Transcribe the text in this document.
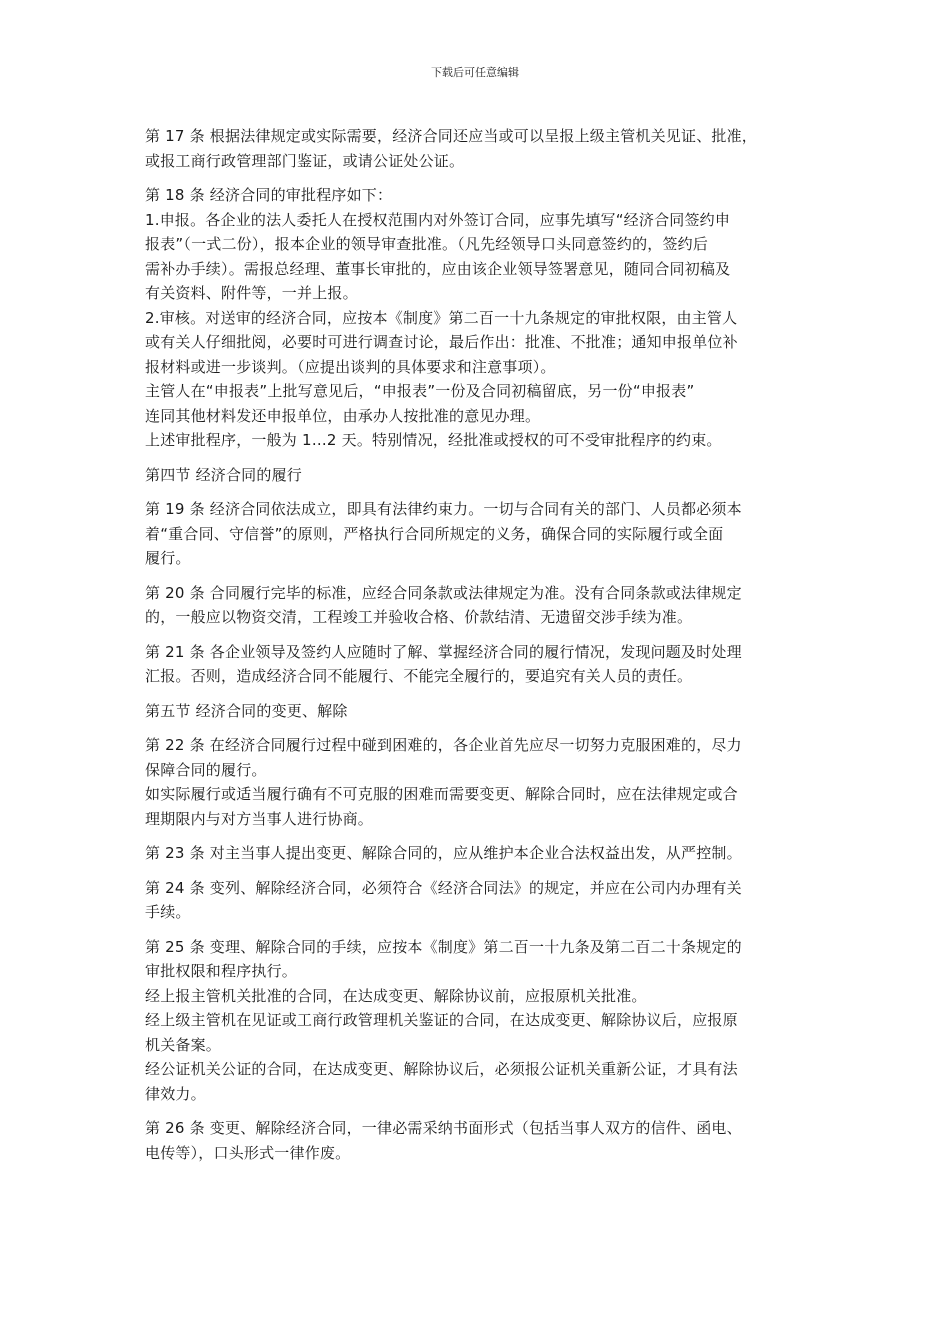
下载后可任意编辑
第 17 条 根据法律规定或实际需要，经济合同还应当或可以呈报上级主管机关见证、批准，
或报工商行政管理部门鉴证，或请公证处公证。
第 18 条 经济合同的审批程序如下：
1.申报。各企业的法人委托人在授权范围内对外签订合同，应事先填写“经济合同签约申
报表”（一式二份），报本企业的领导审查批准。（凡先经领导口头同意签约的，签约后
需补办手续）。需报总经理、董事长审批的，应由该企业领导签署意见，随同合同初稿及
有关资料、附件等，一并上报。
2.审核。对送审的经济合同，应按本《制度》第二百一十九条规定的审批权限，由主管人
或有关人仔细批阅，必要时可进行调查讨论，最后作出：批准、不批准；通知申报单位补
报材料或进一步谈判。（应提出谈判的具体要求和注意事项）。
主管人在“申报表”上批写意见后，“申报表”一份及合同初稿留底，另一份“申报表”
连同其他材料发还申报单位，由承办人按批准的意见办理。
上述审批程序，一般为 1…2 天。特别情况，经批准或授权的可不受审批程序的约束。
第四节 经济合同的履行
第 19 条 经济合同依法成立，即具有法律约束力。一切与合同有关的部门、人员都必须本
着“重合同、守信誉”的原则，严格执行合同所规定的义务，确保合同的实际履行或全面
履行。
第 20 条 合同履行完毕的标准，应经合同条款或法律规定为准。没有合同条款或法律规定
的，一般应以物资交清，工程竣工并验收合格、价款结清、无遗留交涉手续为准。
第 21 条 各企业领导及签约人应随时了解、掌握经济合同的履行情况，发现问题及时处理
汇报。否则，造成经济合同不能履行、不能完全履行的，要追究有关人员的责任。
第五节 经济合同的变更、解除
第 22 条 在经济合同履行过程中碰到困难的，各企业首先应尽一切努力克服困难的，尽力
保障合同的履行。
如实际履行或适当履行确有不可克服的困难而需要变更、解除合同时，应在法律规定或合
理期限内与对方当事人进行协商。
第 23 条 对主当事人提出变更、解除合同的，应从维护本企业合法权益出发，从严控制。
第 24 条 变列、解除经济合同，必须符合《经济合同法》的规定，并应在公司内办理有关
手续。
第 25 条 变理、解除合同的手续，应按本《制度》第二百一十九条及第二百二十条规定的
审批权限和程序执行。
经上报主管机关批准的合同，在达成变更、解除协议前，应报原机关批准。
经上级主管机在见证或工商行政管理机关鉴证的合同，在达成变更、解除协议后，应报原
机关备案。
经公证机关公证的合同，在达成变更、解除协议后，必须报公证机关重新公证，才具有法
律效力。
第 26 条 变更、解除经济合同，一律必需采纳书面形式（包括当事人双方的信件、函电、
电传等），口头形式一律作废。
